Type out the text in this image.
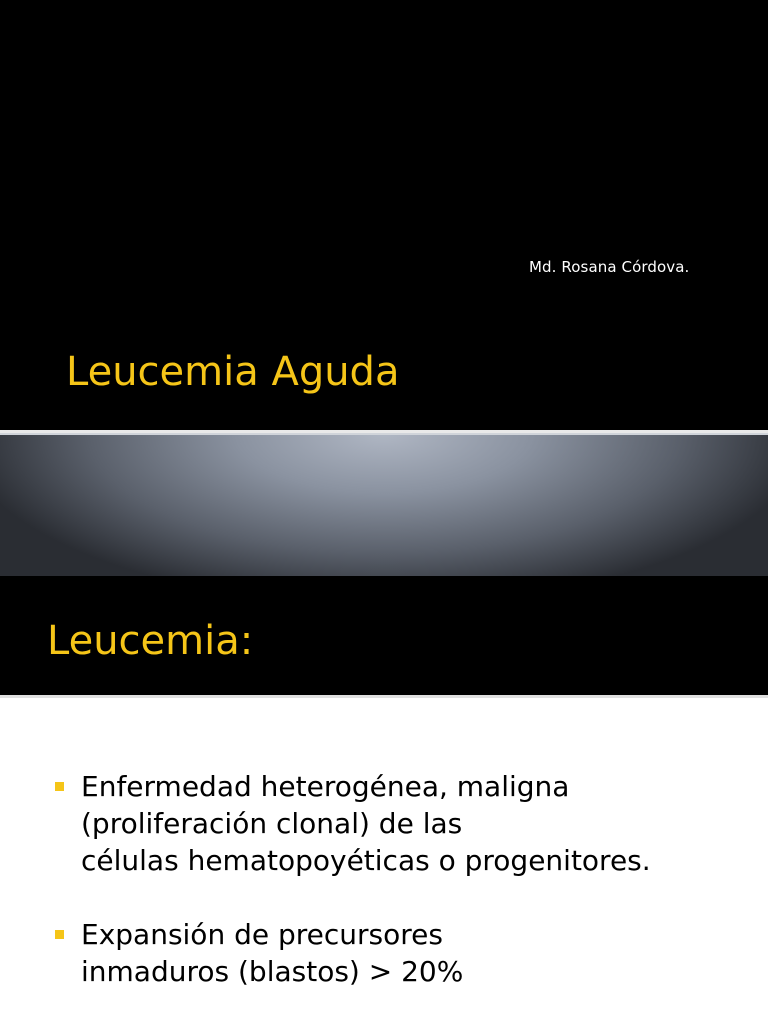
Md. Rosana Córdova.
Leucemia Aguda
Leucemia:
Enfermedad heterogénea, maligna
(proliferación clonal) de las
células hematopoyéticas o progenitores.
Expansión de precursores
inmaduros (blastos) > 20%
